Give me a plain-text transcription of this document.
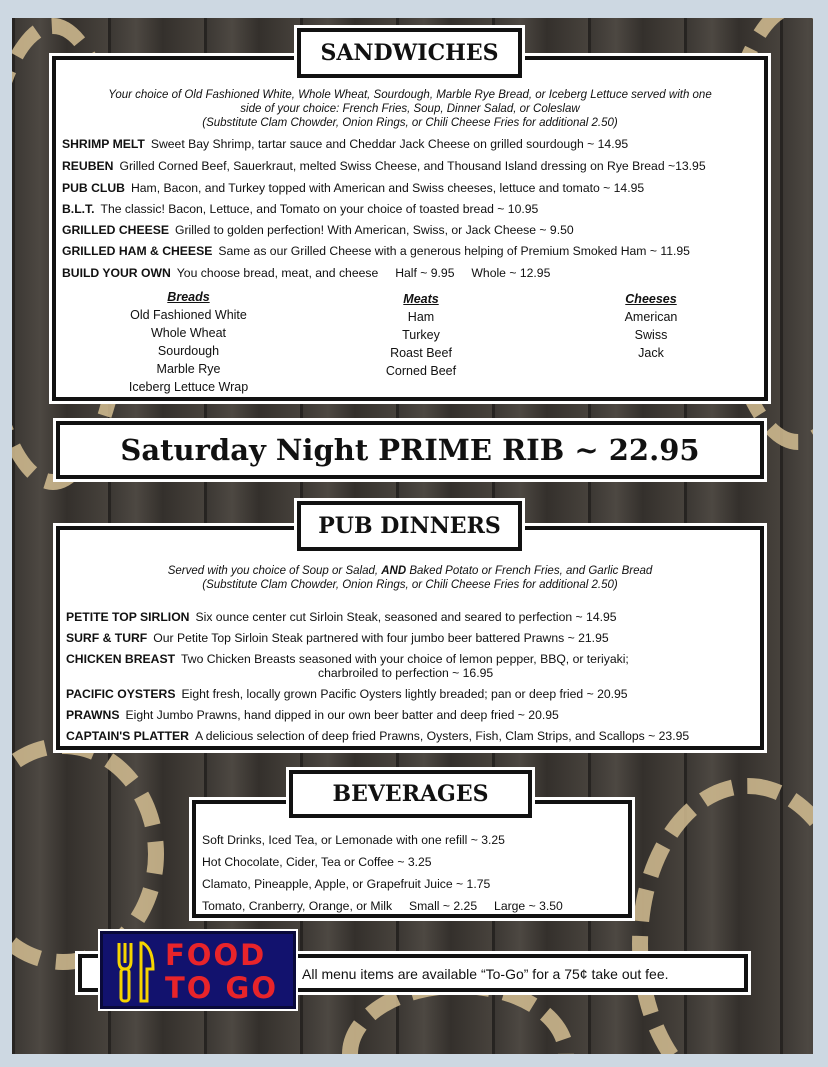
Your choice of Old Fashioned White, Whole Wheat, Sourdough, Marble Rye Bread, or Iceberg Lettuce served with one
side of your choice: French Fries, Soup, Dinner Salad, or Coleslaw
(Substitute Clam Chowder, Onion Rings, or Chili Cheese Fries for additional 2.50)
SHRIMP MELT Sweet Bay Shrimp, tartar sauce and Cheddar Jack Cheese on grilled sourdough ~ 14.95
REUBEN Grilled Corned Beef, Sauerkraut, melted Swiss Cheese, and Thousand Island dressing on Rye Bread ~13.95
PUB CLUB Ham, Bacon, and Turkey topped with American and Swiss cheeses, lettuce and tomato ~ 14.95
B.L.T. The classic! Bacon, Lettuce, and Tomato on your choice of toasted bread ~ 10.95
GRILLED CHEESE Grilled to golden perfection! With American, Swiss, or Jack Cheese ~ 9.50
GRILLED HAM & CHEESE Same as our Grilled Cheese with a generous helping of Premium Smoked Ham ~ 11.95
BUILD YOUR OWN You choose bread, meat, and cheese     Half ~ 9.95     Whole ~ 12.95
Breads
Old Fashioned White
Whole Wheat
Sourdough
Marble Rye
Iceberg Lettuce Wrap
Meats
Ham
Turkey
Roast Beef
Corned Beef
Cheeses
American
Swiss
Jack
SANDWICHES
Saturday Night PRIME RIB ~ 22.95
Served with you choice of Soup or Salad, AND Baked Potato or French Fries, and Garlic Bread
(Substitute Clam Chowder, Onion Rings, or Chili Cheese Fries for additional 2.50)
PETITE TOP SIRLION Six ounce center cut Sirloin Steak, seasoned and seared to perfection ~ 14.95
SURF & TURF Our Petite Top Sirloin Steak partnered with four jumbo beer battered Prawns ~ 21.95
CHICKEN BREAST Two Chicken Breasts seasoned with your choice of lemon pepper, BBQ, or teriyaki;
charbroiled to perfection ~ 16.95
PACIFIC OYSTERS Eight fresh, locally grown Pacific Oysters lightly breaded; pan or deep fried ~ 20.95
PRAWNS Eight Jumbo Prawns, hand dipped in our own beer batter and deep fried ~ 20.95
CAPTAIN'S PLATTER A delicious selection of deep fried Prawns, Oysters, Fish, Clam Strips, and Scallops ~ 23.95
PUB DINNERS
Soft Drinks, Iced Tea, or Lemonade with one refill ~ 3.25
Hot Chocolate, Cider, Tea or Coffee ~ 3.25
Clamato, Pineapple, Apple, or Grapefruit Juice ~ 1.75
Tomato, Cranberry, Orange, or Milk     Small ~ 2.25     Large ~ 3.50
BEVERAGES
All menu items are available “To-Go” for a 75¢ take out fee.
FOOD
TO GO
